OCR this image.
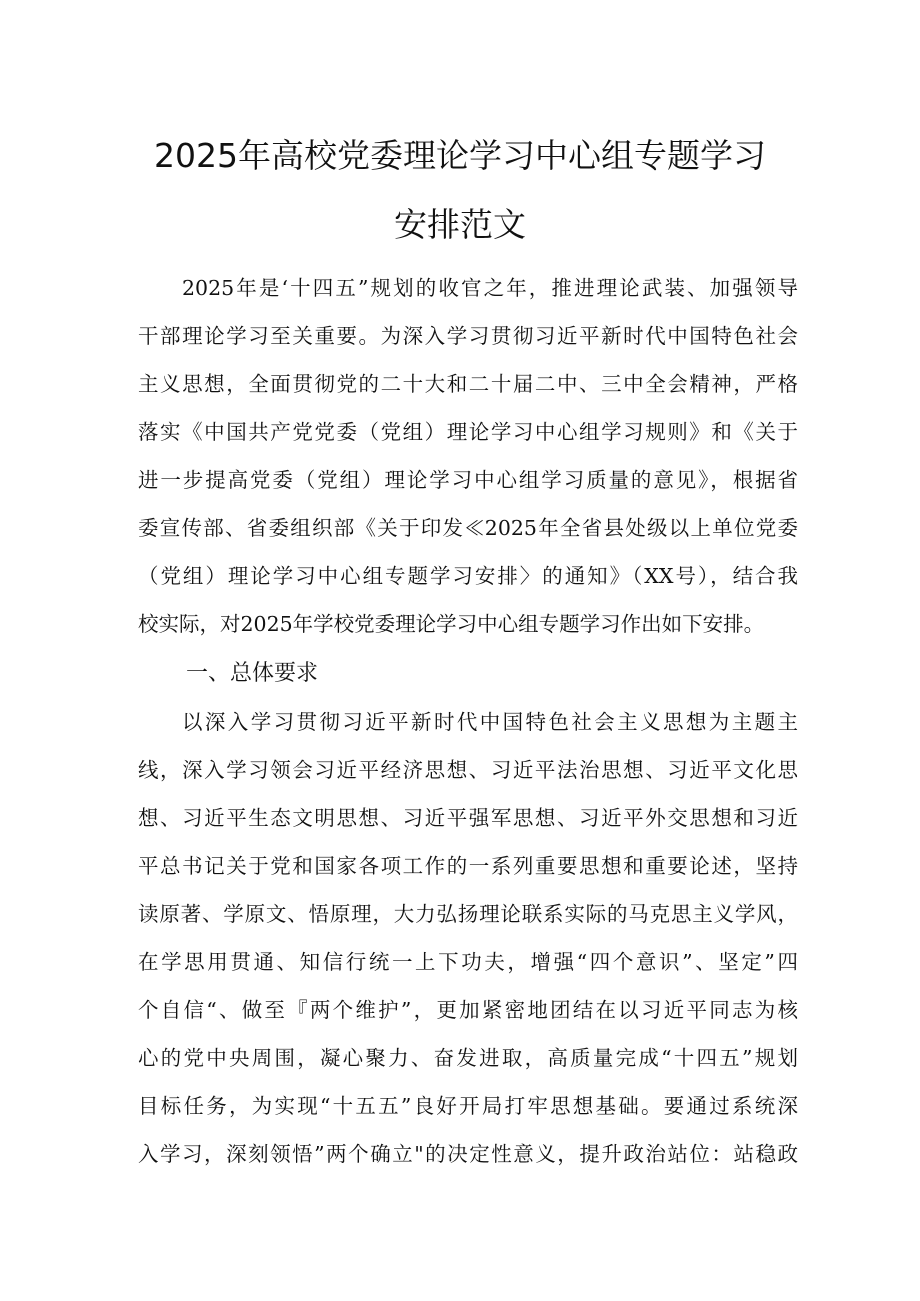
2025年高校党委理论学习中心组专题学习
安排范文
2025年是‘十四五”规划的收官之年，推进理论武装、加强领导
干部理论学习至关重要。为深入学习贯彻习近平新时代中国特色社会
主义思想，全面贯彻党的二十大和二十届二中、三中全会精神，严格
落实《中国共产党党委（党组）理论学习中心组学习规则》和《关于
进一步提高党委（党组）理论学习中心组学习质量的意见》，根据省
委宣传部、省委组织部《关于印发≪2025年全省县处级以上单位党委
（党组）理论学习中心组专题学习安排〉的通知》（XX号），结合我
校实际，对2025年学校党委理论学习中心组专题学习作出如下安排。
一、总体要求
以深入学习贯彻习近平新时代中国特色社会主义思想为主题主
线，深入学习领会习近平经济思想、习近平法治思想、习近平文化思
想、习近平生态文明思想、习近平强军思想、习近平外交思想和习近
平总书记关于党和国家各项工作的一系列重要思想和重要论述，坚持
读原著、学原文、悟原理，大力弘扬理论联系实际的马克思主义学风，
在学思用贯通、知信行统一上下功夫，增强“四个意识”、坚定”四
个自信“、做至『两个维护”，更加紧密地团结在以习近平同志为核
心的党中央周围，凝心聚力、奋发进取，高质量完成“十四五”规划
目标任务，为实现“十五五”良好开局打牢思想基础。要通过系统深
入学习，深刻领悟”两个确立"的决定性意义，提升政治站位：站稳政
